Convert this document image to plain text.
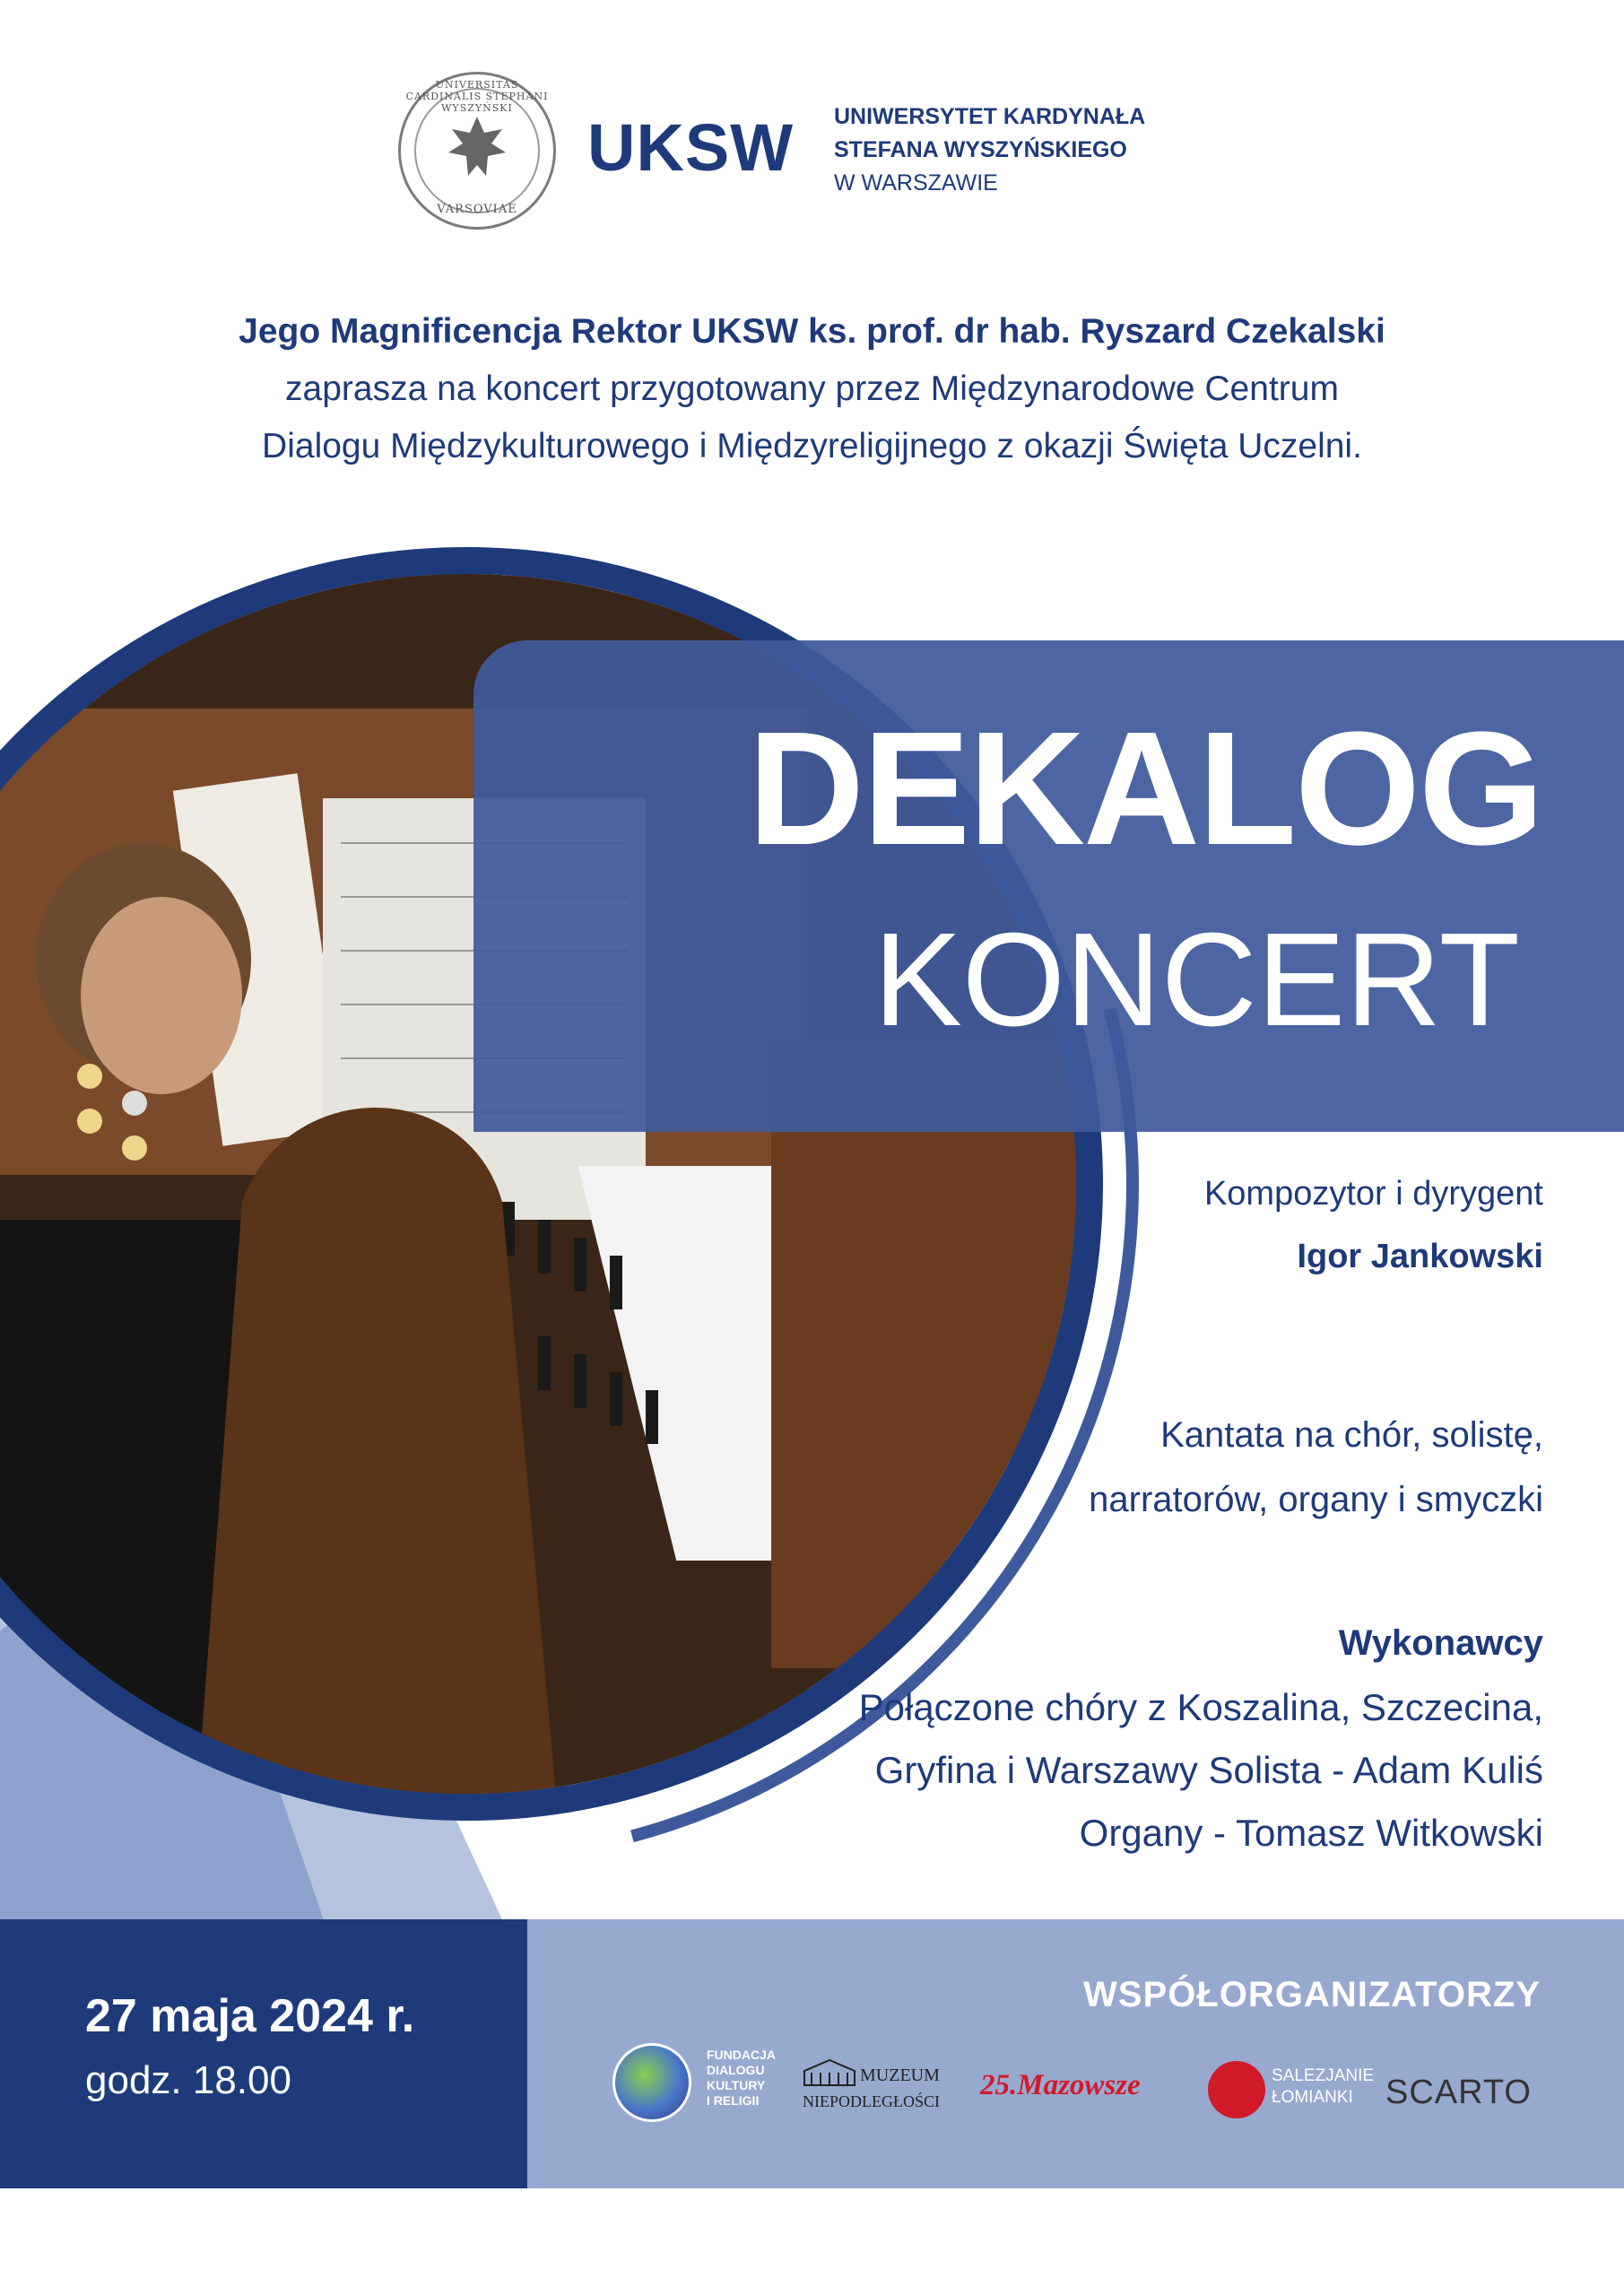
UNIVERSITAS CARDINALIS STEPHANI WYSZYŃSKI
VARSOVIAE
UKSW UNIWERSYTET KARDYNAŁA
STEFANA WYSZYŃSKIEGO
W WARSZAWIE
Jego Magnificencja Rektor UKSW ks. prof. dr hab. Ryszard Czekalski
zaprasza na koncert przygotowany przez Międzynarodowe Centrum
Dialogu Międzykulturowego i Międzyreligijnego z okazji Święta Uczelni.
DEKALOG
KONCERT
Kompozytor i dyrygent
Igor Jankowski
Kantata na chór, solistę,
narratorów, organy i smyczki
Wykonawcy
Połączone chóry z Koszalina, Szczecina,
Gryfina i Warszawy Solista - Adam Kuliś
Organy - Tomasz Witkowski
27 maja 2024 r.
godz. 18.00
WSPÓŁORGANIZATORZY
FUNDACJA
DIALOGU
KULTURY
I RELIGII
MUZEUM
NIEPODLEGŁOŚCI 25.Mazowsze	SALEZJANIE
ŁOMIANKI SCARTO
